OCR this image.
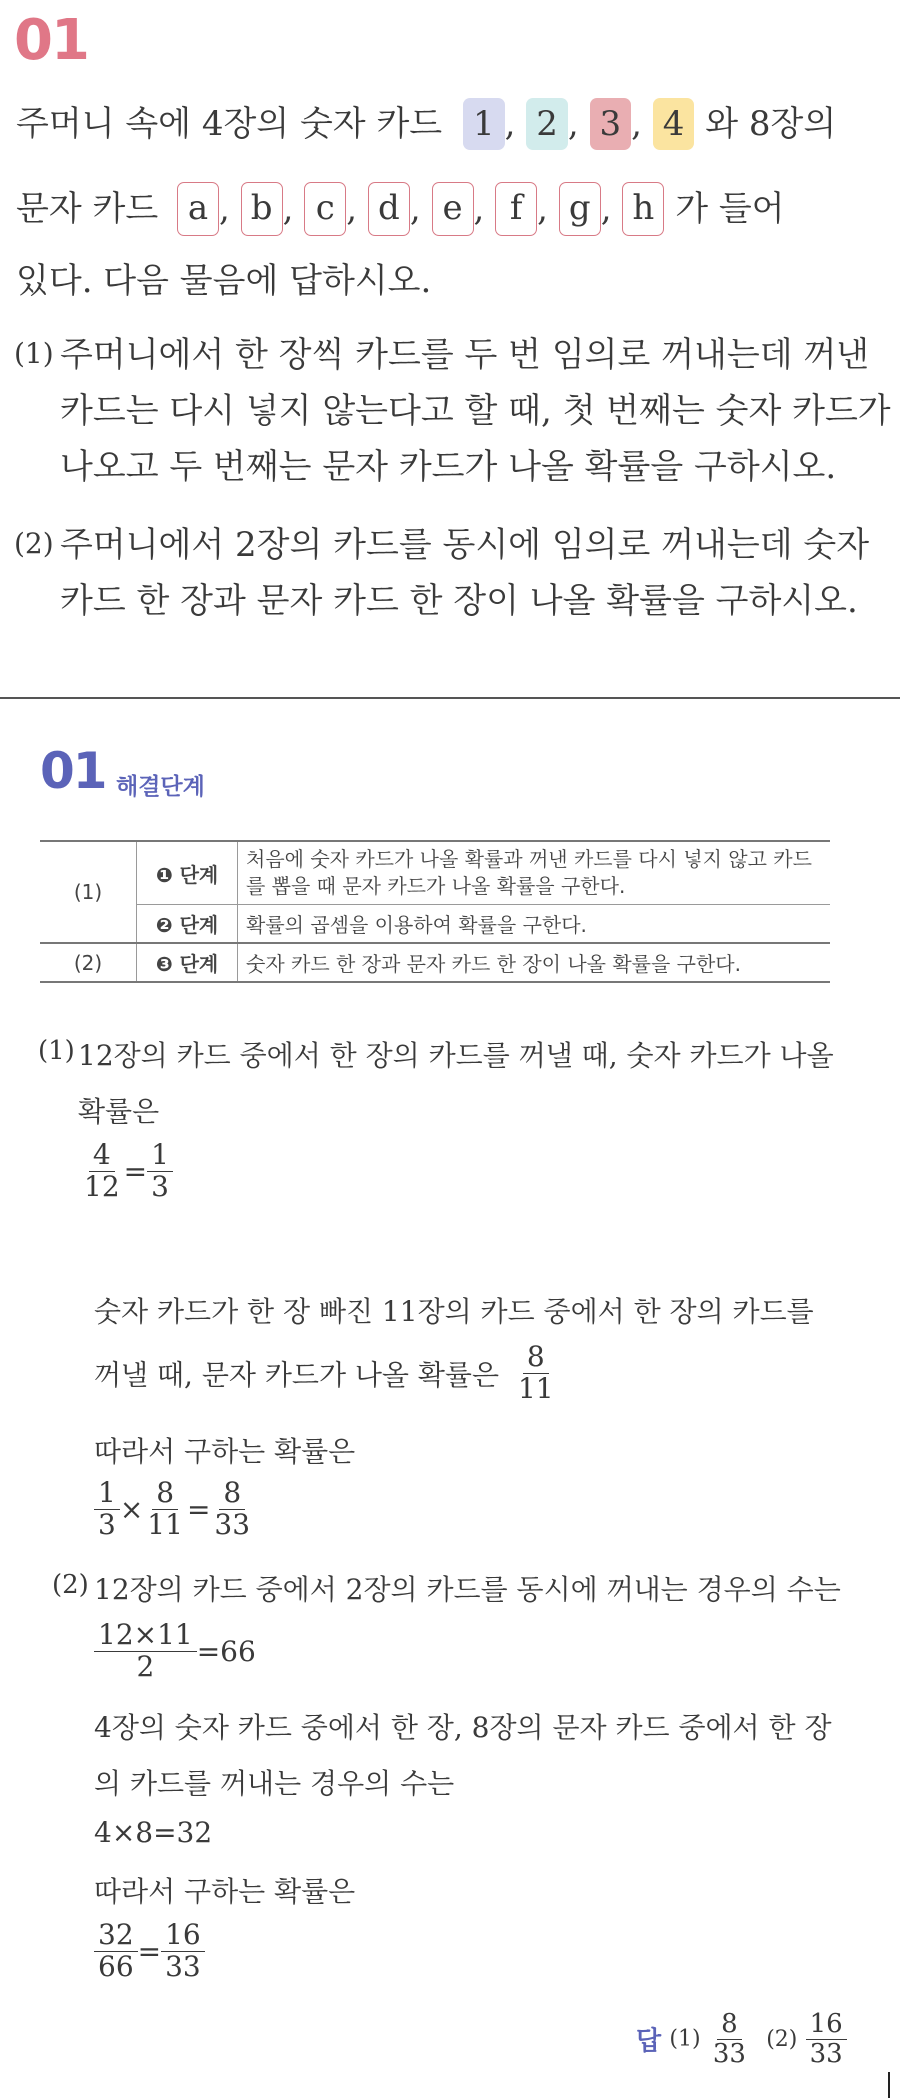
01
주머니 속에 4장의 숫자 카드 1 , 2 , 3 , 4 와 8장의
문자 카드 a , b , c , d , e , f , g , h 가 들어
있다. 다음 물음에 답하시오.
(1) 주머니에서 한 장씩 카드를 두 번 임의로 꺼내는데 꺼낸
카드는 다시 넣지 않는다고 할 때, 첫 번째는 숫자 카드가
나오고 두 번째는 문자 카드가 나올 확률을 구하시오.
(2) 주머니에서 2장의 카드를 동시에 임의로 꺼내는데 숫자
카드 한 장과 문자 카드 한 장이 나올 확률을 구하시오.
01 해결단계
(1)	❶ 단계	처음에 숫자 카드가 나올 확률과 꺼낸 카드를 다시 넣지 않고 카드를 뽑을 때 문자 카드가 나올 확률을 구한다.
	❷ 단계	확률의 곱셈을 이용하여 확률을 구한다.
(2)	❸ 단계	숫자 카드 한 장과 문자 카드 한 장이 나올 확률을 구한다.
(1) 12장의 카드 중에서 한 장의 카드를 꺼낼 때, 숫자 카드가 나올
확률은
$\frac{4}{12} = \frac{1}{3}$
숫자 카드가 한 장 빠진 11장의 카드 중에서 한 장의 카드를
꺼낼 때, 문자 카드가 나올 확률은 $\frac{8}{11}$
따라서 구하는 확률은
$\frac{1}{3} \times \frac{8}{11} = \frac{8}{33}$
(2) 12장의 카드 중에서 2장의 카드를 동시에 꺼내는 경우의 수는
$\frac{12\times 11}{2} =66$
4장의 숫자 카드 중에서 한 장, 8장의 문자 카드 중에서 한 장
의 카드를 꺼내는 경우의 수는
4×8=32
따라서 구하는 확률은
$\frac{32}{66} = \frac{16}{33}$
답 $(1) \frac{8}{33} (2) \frac{16}{33}$
